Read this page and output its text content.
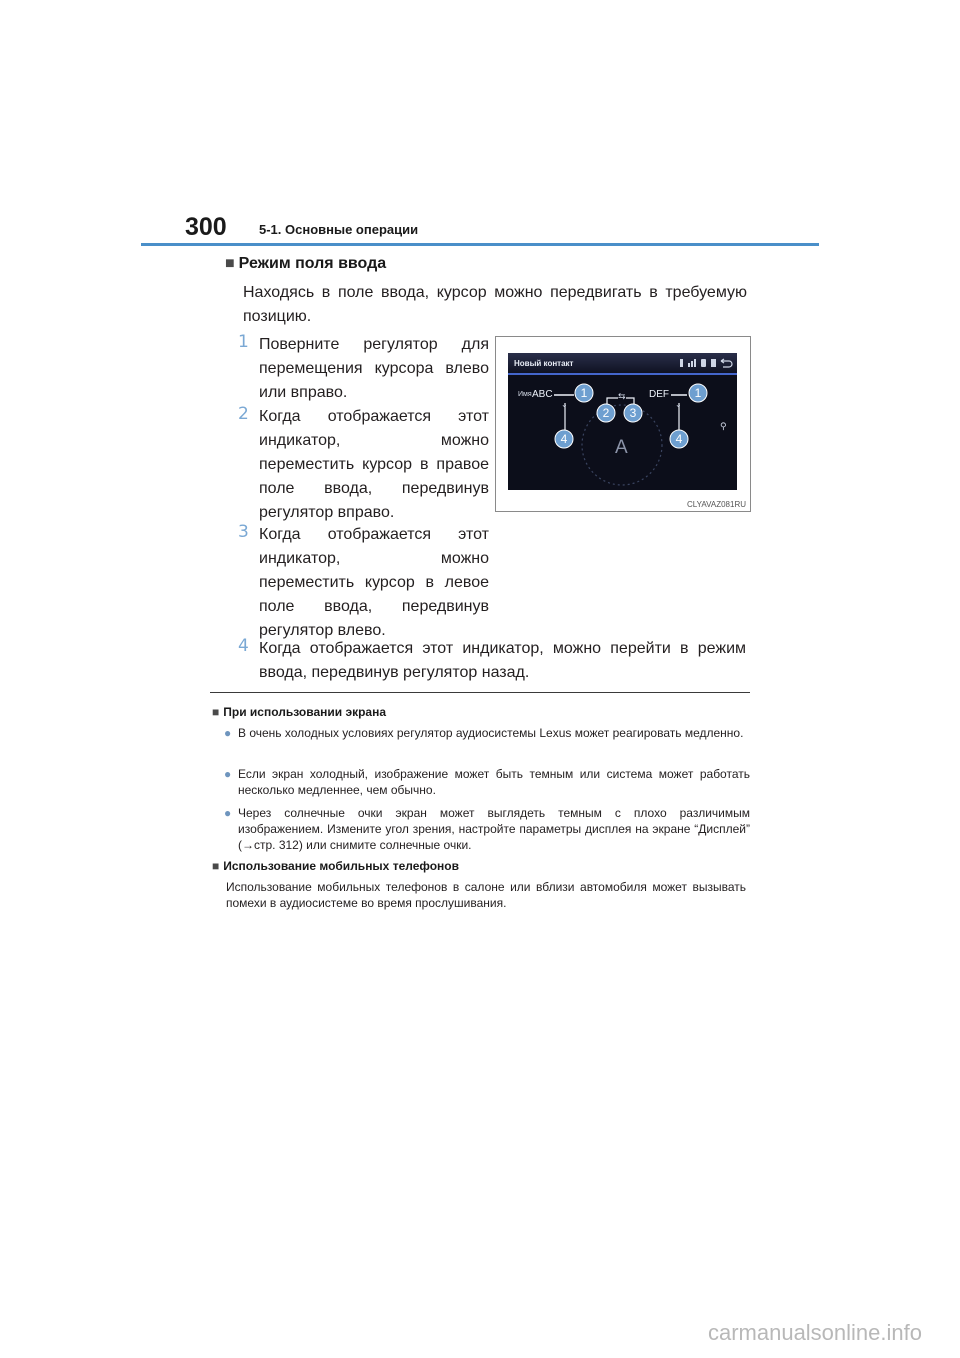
300 5-1. Основные операции
■ Режим поля ввода
Находясь в поле ввода, курсор можно передвигать в требуемую позицию.
1 Поверните регулятор для перемещения курсора влево или вправо.
2 Когда отображается этот индикатор, можно переместить курсор в правое поле ввода, передвинув регулятор вправо.
3 Когда отображается этот индикатор, можно переместить курсор в левое поле ввода, передвинув регулятор влево.
4 Когда отображается этот индикатор, можно перейти в режим ввода, передвинув регулятор назад.
Новый контакт
Имя ABC	DEF
⌄	⌄
⇆
A
⚲
1
2 3
1
4	4
CLYAVAZ081RU
■ При использовании экрана
● В очень холодных условиях регулятор аудиосистемы Lexus может реагировать медленно.
● Если экран холодный, изображение может быть темным или система может работать несколько медленнее, чем обычно.
● Через солнечные очки экран может выглядеть темным с плохо различимым изображением. Измените угол зрения, настройте параметры дисплея на экране “Дисплей” (→стр. 312) или снимите солнечные очки.
■ Использование мобильных телефонов
Использование мобильных телефонов в салоне или вблизи автомобиля может вызывать помехи в аудиосистеме во время прослушивания.
carmanualsonline.info
